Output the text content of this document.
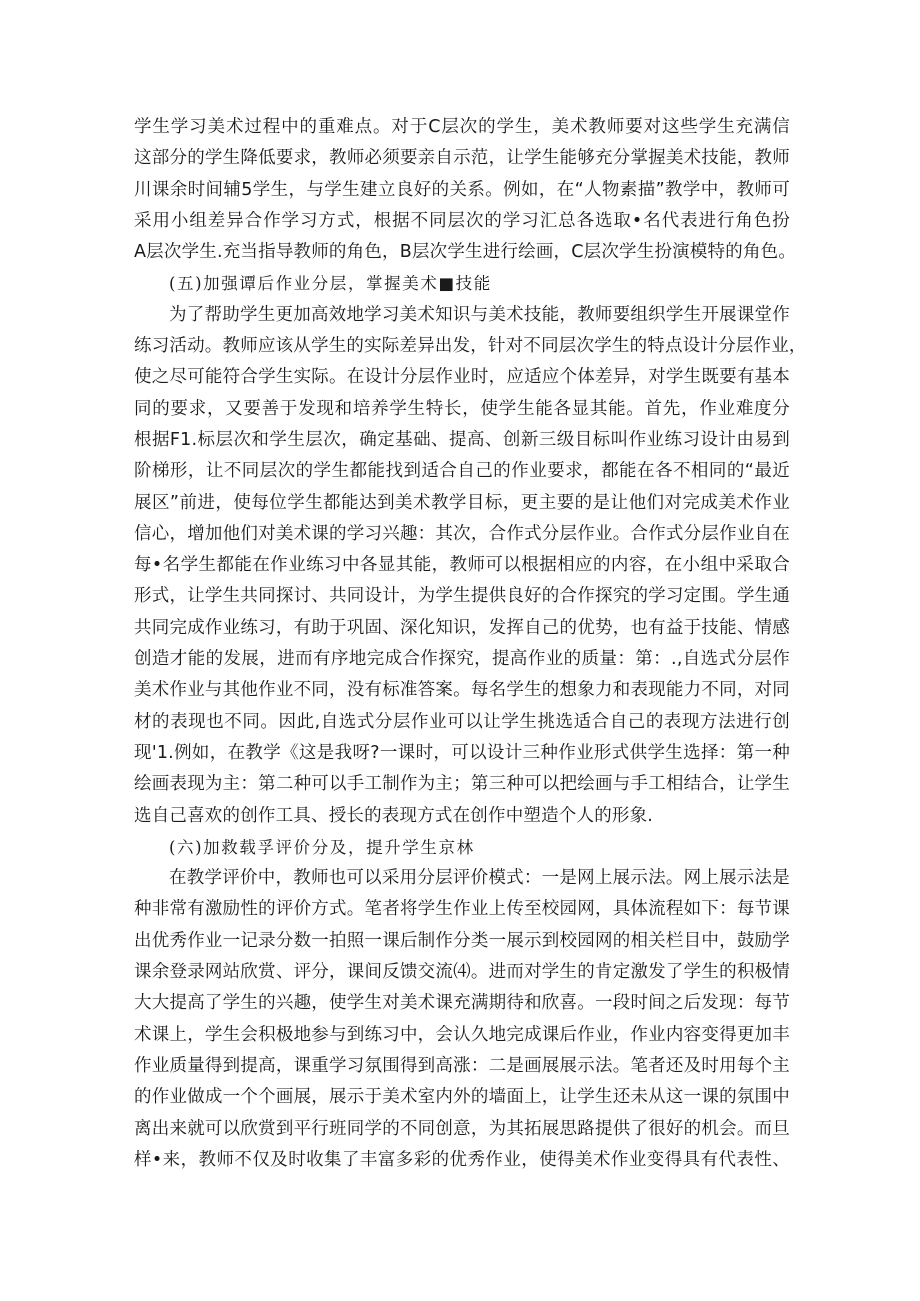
学生学习美术过程中的重难点。对于C层次的学生，美术教师要对这些学生充满信
这部分的学生降低要求，教师必须要亲自示范，让学生能够充分掌握美术技能，教师
川课余时间辅5学生，与学生建立良好的关系。例如，在“人物素描”教学中，教师可
采用小组差异合作学习方式，根据不同层次的学习汇总各选取•名代表进行角色扮
A层次学生.充当指导教师的角色，B层次学生进行绘画，C层次学生扮演模特的角色。
(五)加强谭后作业分层，掌握美术■技能
为了帮助学生更加高效地学习美术知识与美术技能，教师要组织学生开展课堂作
练习活动。教师应该从学生的实际差异出发，针对不同层次学生的特点设计分层作业，
使之尽可能符合学生实际。在设计分层作业时，应适应个体差异，对学生既要有基本
同的要求，又要善于发现和培养学生特长，使学生能各显其能。首先，作业难度分
根据F1.标层次和学生层次，确定基础、提高、创新三级目标叫作业练习设计由易到
阶梯形，让不同层次的学生都能找到适合自己的作业要求，都能在各不相同的“最近
展区”前进，使每位学生都能达到美术教学目标，更主要的是让他们对完成美术作业
信心，增加他们对美术课的学习兴趣：其次，合作式分层作业。合作式分层作业自在
每•名学生都能在作业练习中各显其能，教师可以根据相应的内容，在小组中采取合
形式，让学生共同探讨、共同设计，为学生提供良好的合作探究的学习定围。学生通
共同完成作业练习，有助于巩固、深化知识，发挥自己的优势，也有益于技能、情感
创造才能的发展，进而有序地完成合作探究，提高作业的质量：第：.,自选式分层作
美术作业与其他作业不同，没有标准答案。每名学生的想象力和表现能力不同，对同
材的表现也不同。因此,自选式分层作业可以让学生挑选适合自己的表现方法进行创
现'1.例如，在教学《这是我呀?一课时，可以设计三种作业形式供学生选择：第一种
绘画表现为主：第二种可以手工制作为主；第三种可以把绘画与手工相结合，让学生
选自己喜欢的创作工具、授长的表现方式在创作中塑造个人的形象.
(六)加救载孚评价分及，提升学生京林
在教学评价中，教师也可以采用分层评价模式：一是网上展示法。网上展示法是
种非常有激励性的评价方式。笔者将学生作业上传至校园网，具体流程如下：每节课
出优秀作业一记录分数一拍照一课后制作分类一展示到校园网的相关栏目中，鼓励学
课余登录网站欣赏、评分，课间反馈交流⑷。进而对学生的肯定激发了学生的积极情
大大提高了学生的兴趣，使学生对美术课充满期待和欣喜。一段时间之后发现：每节
术课上，学生会积极地参与到练习中，会认久地完成课后作业，作业内容变得更加丰
作业质量得到提高，课重学习氛围得到高涨：二是画展展示法。笔者还及时用每个主
的作业做成一个个画展，展示于美术室内外的墙面上，让学生还未从这一课的氛围中
离出来就可以欣赏到平行班同学的不同创意，为其拓展思路提供了很好的机会。而旦
样•来，教师不仅及时收集了丰富多彩的优秀作业，使得美术作业变得具有代表性、
